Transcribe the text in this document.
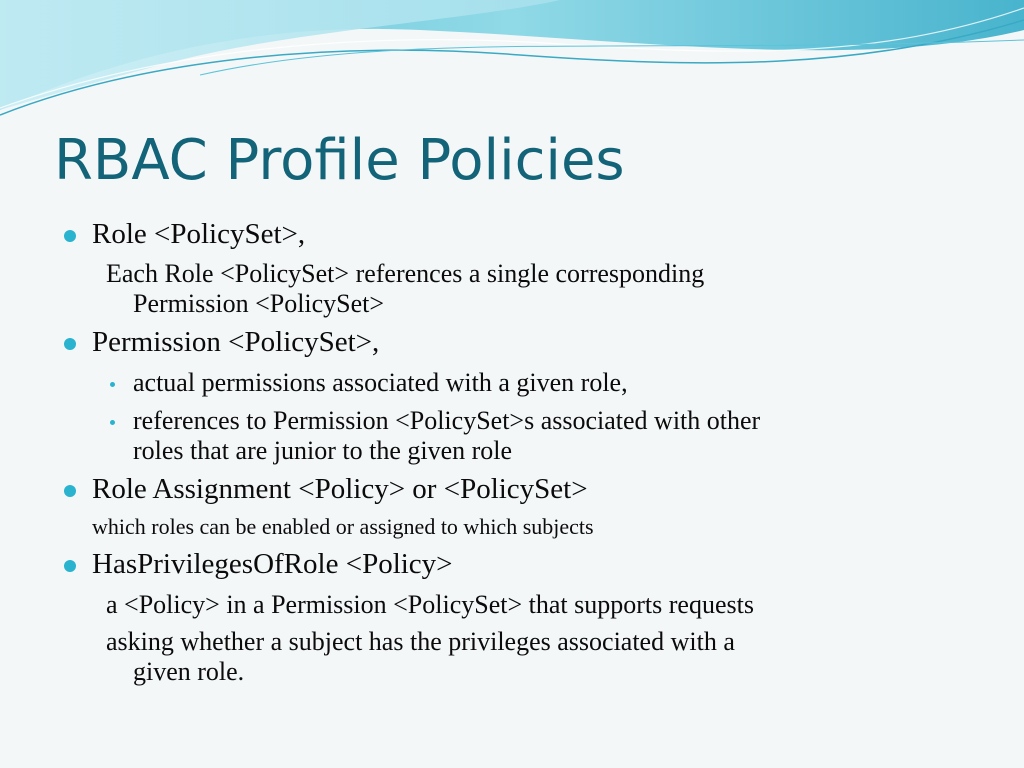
RBAC Profile Policies
Role <PolicySet>,
Each Role <PolicySet> references a single corresponding
Permission <PolicySet>
Permission <PolicySet>,
actual permissions associated with a given role,
references to Permission <PolicySet>s associated with other
roles that are junior to the given role
Role Assignment <Policy> or <PolicySet>
which roles can be enabled or assigned to which subjects
HasPrivilegesOfRole <Policy>
a <Policy> in a Permission <PolicySet> that supports requests
asking whether a subject has the privileges associated with a
given role.
